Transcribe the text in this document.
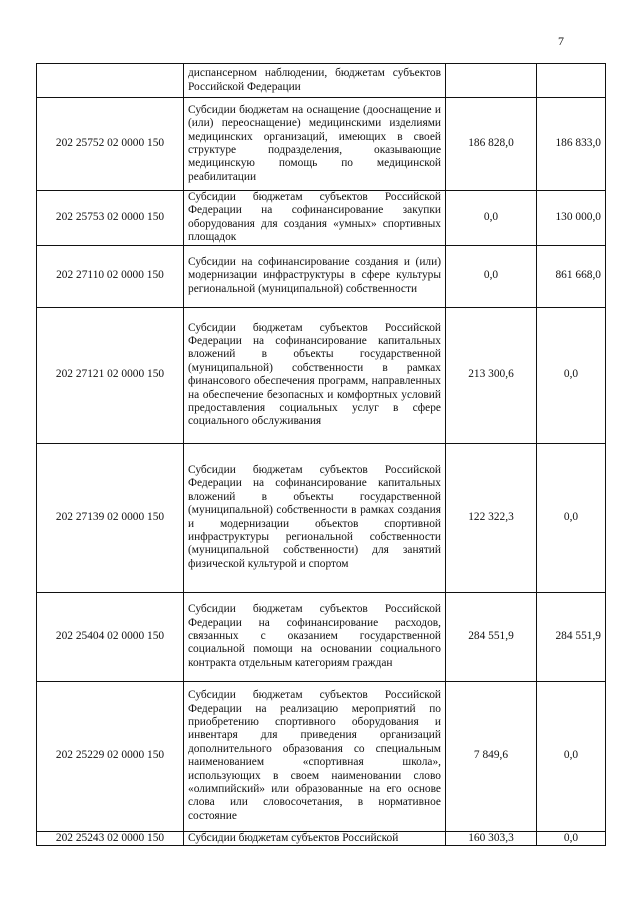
7
	диспансерном наблюдении, бюджетам субъектов Российской Федерации		
202 25752 02 0000 150	Субсидии бюджетам на оснащение (дооснащение и (или) переоснащение) медицинскими изделиями медицинских организаций, имеющих в своей структуре подразделения, оказывающие медицинскую помощь по медицинской реабилитации	186 828,0	186 833,0
202 25753 02 0000 150	Субсидии бюджетам субъектов Российской Федерации на софинансирование закупки оборудования для создания «умных» спортивных площадок	0,0	130 000,0
202 27110 02 0000 150	Субсидии на софинансирование создания и (или) модернизации инфраструктуры в сфере культуры региональной (муниципальной) собственности	0,0	861 668,0
202 27121 02 0000 150	Субсидии бюджетам субъектов Российской Федерации на софинансирование капитальных вложений в объекты государственной (муниципальной) собственности в рамках финансового обеспечения программ, направленных на обеспечение безопасных и комфортных условий предоставления социальных услуг в сфере социального обслуживания	213 300,6	0,0
202 27139 02 0000 150	Субсидии бюджетам субъектов Российской Федерации на софинансирование капитальных вложений в объекты государственной (муниципальной) собственности в рамках создания и модернизации объектов спортивной инфраструктуры региональной собственности (муниципальной собственности) для занятий физической культурой и спортом	122 322,3	0,0
202 25404 02 0000 150	Субсидии бюджетам субъектов Российской Федерации на софинансирование расходов, связанных с оказанием государственной социальной помощи на основании социального контракта отдельным категориям граждан	284 551,9	284 551,9
202 25229 02 0000 150	Субсидии бюджетам субъектов Российской Федерации на реализацию мероприятий по приобретению спортивного оборудования и инвентаря для приведения организаций дополнительного образования со специальным наименованием «спортивная школа», использующих в своем наименовании слово «олимпийский» или образованные на его основе слова или словосочетания, в нормативное состояние	7 849,6	0,0
202 25243 02 0000 150	Субсидии бюджетам субъектов Российской	160 303,3	0,0
